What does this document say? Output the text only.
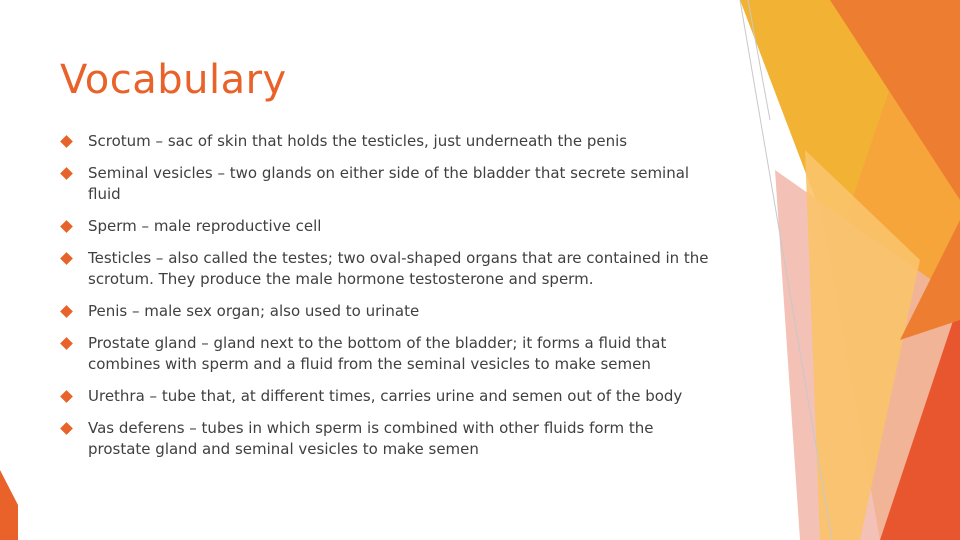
Vocabulary
Scrotum – sac of skin that holds the testicles, just underneath the penis
Seminal vesicles – two glands on either side of the bladder that secrete seminal fluid
Sperm – male reproductive cell
Testicles – also called the testes; two oval-shaped organs that are contained in the scrotum. They produce the male hormone testosterone and sperm.
Penis – male sex organ; also used to urinate
Prostate gland – gland next to the bottom of the bladder; it forms a fluid that combines with sperm and a fluid from the seminal vesicles to make semen
Urethra – tube that, at different times, carries urine and semen out of the body
Vas deferens – tubes in which sperm is combined with other fluids form the prostate gland and seminal vesicles to make semen
